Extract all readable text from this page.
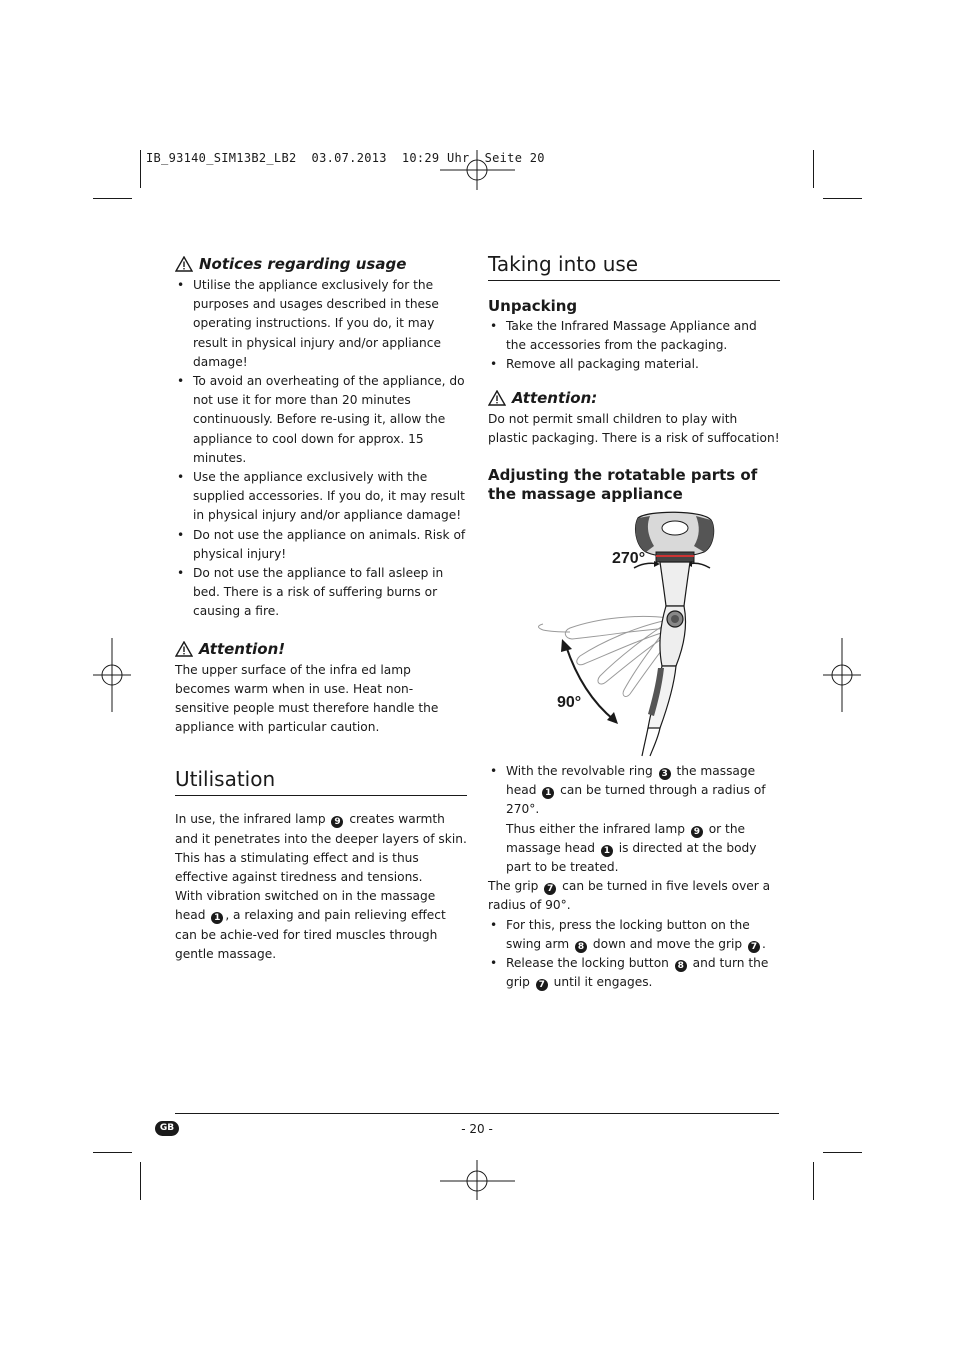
IB_93140_SIM13B2_LB2  03.07.2013  10:29 Uhr  Seite 20
Notices regarding usage
• Utilise the appliance exclusively for the purposes and usages described in these operating instructions. If you do, it may result in physical injury and/or appliance damage!
• To avoid an overheating of the appliance, do not use it for more than 20 minutes continuously. Before re-using it, allow the appliance to cool down for approx. 15 minutes.
• Use the appliance exclusively with the supplied accessories. If you do, it may result in physical injury and/or appliance damage!
• Do not use the appliance on animals. Risk of physical injury!
• Do not use the appliance to fall asleep in bed. There is a risk of suffering burns or causing a fire.
Attention!

The upper surface of the infra ed lamp becomes warm when in use. Heat non-sensitive people must therefore handle the appliance with particular caution.

Utilisation

In use, the infrared lamp 9 creates warmth and it penetrates into the deeper layers of skin. This has a stimulating effect and is thus effective against tiredness and tensions.

With vibration switched on in the massage head 1 , a relaxing and pain relieving effect can be achie-ved for tired muscles through gentle massage.

Taking into use
Unpacking
• Take the Infrared Massage Appliance and the accessories from the packaging.
• Remove all packaging material.
Attention:

Do not permit small children to play with plastic packaging. There is a risk of suffocation!

Adjusting the rotatable parts of the massage appliance
270°
90°
• With the revolvable ring 3 the massage head 1 can be turned through a radius of 270°.
Thus either the infrared lamp 9 or the massage head 1 is directed at the body part to be treated.

The grip 7 can be turned in five levels over a radius of 90°.

• For this, press the locking button on the swing arm 8 down and move the grip 7 .
• Release the locking button 8 and turn the grip 7 until it engages.
GB	- 20 -
